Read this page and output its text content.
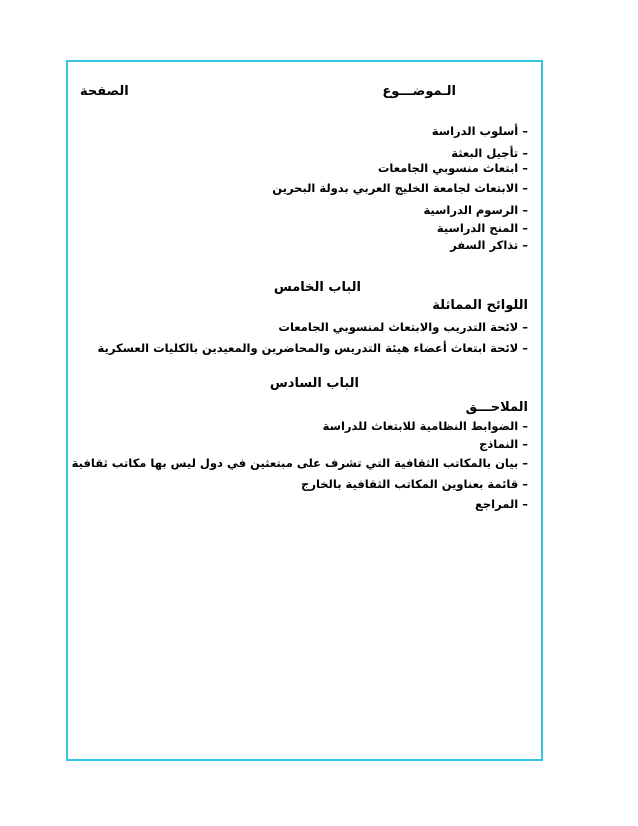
الـموضـــوع
الصفحة
– أسلوب الدراسة
– تأجيل البعثة
– ابتعاث منسوبي الجامعات
– الابتعاث لجامعة الخليج العربي بدولة البحرين
– الرسوم الدراسية
– المنح الدراسية
– تذاكر السفر
الباب الخامس
اللوائح المماثلة
– لائحة التدريب والابتعاث لمنسوبي الجامعات
– لائحة ابتعاث أعضاء هيئة التدريس والمحاضرين والمعيدين بالكليات العسكرية
الباب السادس
الملاحـــق
– الضوابط النظامية للابتعاث للدراسة
– النماذج
– بيان بالمكاتب الثقافية التي تشرف على مبتعثين في دول ليس بها مكاتب ثقافية
– قائمة بعناوين المكاتب الثقافية بالخارج
– المراجع
